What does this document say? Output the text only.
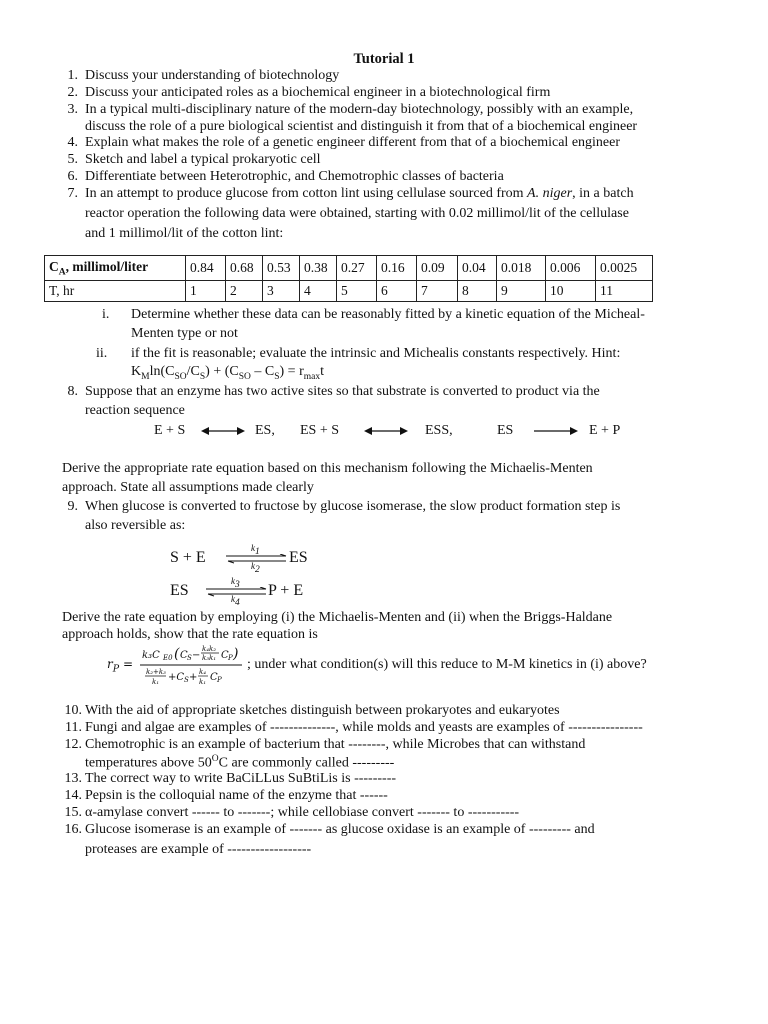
Tutorial 1
1. Discuss your understanding of biotechnology
2. Discuss your anticipated roles as a biochemical engineer in a biotechnological firm
3. In a typical multi-disciplinary nature of the modern-day biotechnology, possibly with an example,
discuss the role of a pure biological scientist and distinguish it from that of a biochemical engineer
4. Explain what makes the role of a genetic engineer different from that of a biochemical engineer
5. Sketch and label a typical prokaryotic cell
6. Differentiate between Heterotrophic, and Chemotrophic classes of bacteria
7. In an attempt to produce glucose from cotton lint using cellulase sourced from A. niger, in a batch
reactor operation the following data were obtained, starting with 0.02 millimol/lit of the cellulase
and 1 millimol/lit of the cotton lint:
$C_A$, millimol/liter	0.84	0.68	0.53	0.38	0.27	0.16	0.09	0.04	0.018	0.006	0.0025
T, hr	1	2	3	4	5	6	7	8	9	10	11
i. Determine whether these data can be reasonably fitted by a kinetic equation of the Micheal-
Menten type or not
ii. if the fit is reasonable; evaluate the intrinsic and Michealis constants respectively. Hint:
$K_M\ln(C_{SO}/C_S) + (C_{SO} - C_S) = r_{max}t$
8. Suppose that an enzyme has two active sites so that substrate is converted to product via the
reaction sequence
E + S	ES, ES + S	ESS,	ES	E + P
Derive the appropriate rate equation based on this mechanism following the Michaelis-Menten
approach. State all assumptions made clearly
9. When glucose is converted to fructose by glucose isomerase, the slow product formation step is
also reversible as:
S + E
$k_1$
$k_2$
ES
ES
$k_3$
$k_4$
P + E
Derive the rate equation by employing (i) the Michaelis-Menten and (ii) when the Briggs-Haldane
approach holds, show that the rate equation is
$r_P$ =
k₃C E0 ( C S −
k₄k₂
k₃k₁ C P )
k₂+k₃
k₁ +C S + k₄
k₁ C P
; under what condition(s) will this reduce to M-M kinetics in (i) above?
10. With the aid of appropriate sketches distinguish between prokaryotes and eukaryotes
11. Fungi and algae are examples of --------------, while molds and yeasts are examples of ----------------
12. Chemotrophic is an example of bacterium that --------, while Microbes that can withstand
temperatures above $50^OC$ are commonly called ---------
13. The correct way to write BaCiLLus SuBtiLis is ---------
14. Pepsin is the colloquial name of the enzyme that ------
15. α-amylase convert ------ to -------; while cellobiase convert ------- to -----------
16. Glucose isomerase is an example of ------- as glucose oxidase is an example of --------- and
proteases are example of ------------------
